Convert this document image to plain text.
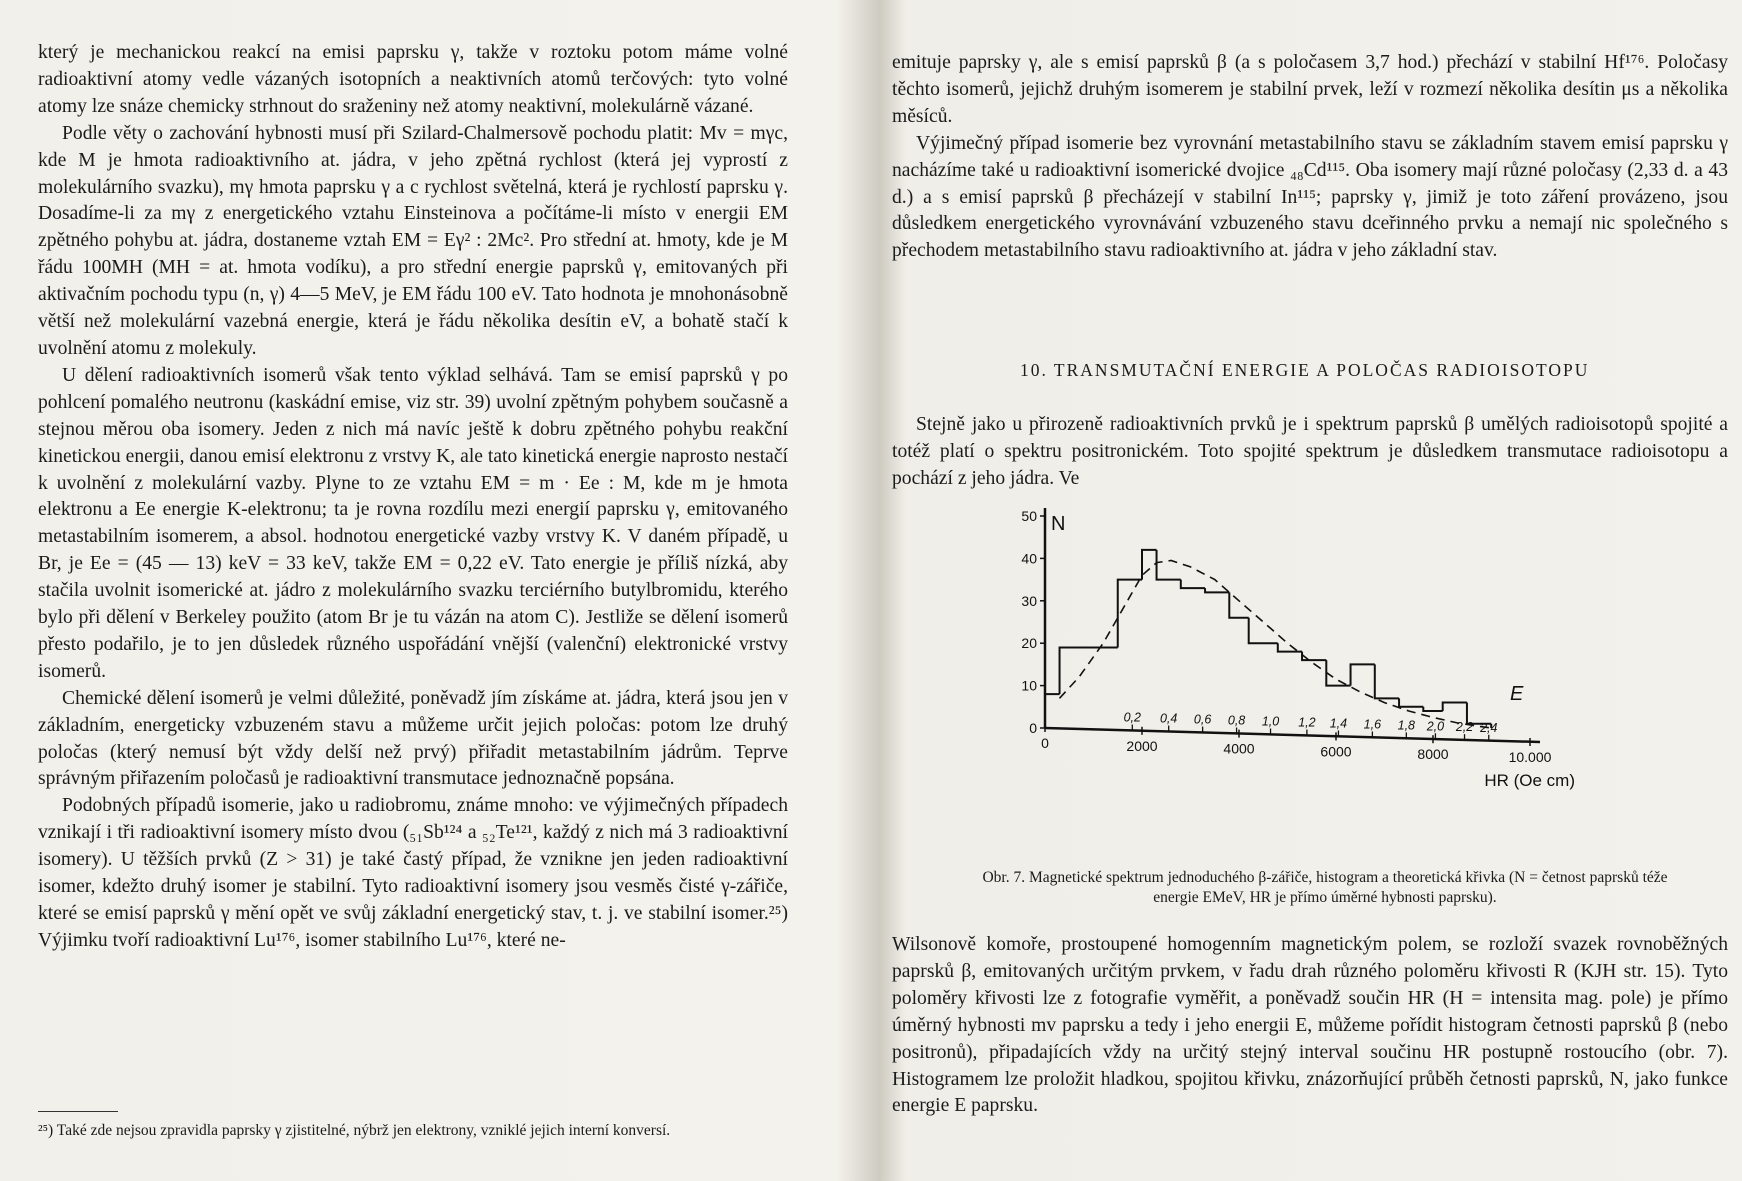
který je mechanickou reakcí na emisi paprsku γ, takže v roztoku potom máme volné radioaktivní atomy vedle vázaných isotopních a neaktivních atomů terčových: tyto volné atomy lze snáze chemicky strhnout do sraženiny než atomy neaktivní, molekulárně vázané.

Podle věty o zachování hybnosti musí při Szilard-Chalmersově pochodu platit: Mv = mγc, kde M je hmota radioaktivního at. jádra, v jeho zpětná rychlost (která jej vyprostí z molekulárního svazku), mγ hmota paprsku γ a c rychlost světelná, která je rychlostí paprsku γ. Dosadíme-li za mγ z energetického vztahu Einsteinova a počítáme-li místo v energii EM zpětného pohybu at. jádra, dostaneme vztah EM = Eγ² : 2Mc². Pro střední at. hmoty, kde je M řádu 100MH (MH = at. hmota vodíku), a pro střední energie paprsků γ, emitovaných při aktivačním pochodu typu (n, γ) 4—5 MeV, je EM řádu 100 eV. Tato hodnota je mnohonásobně větší než molekulární vazebná energie, která je řádu několika desítin eV, a bohatě stačí k uvolnění atomu z molekuly.

U dělení radioaktivních isomerů však tento výklad selhává. Tam se emisí paprsků γ po pohlcení pomalého neutronu (kaskádní emise, viz str. 39) uvolní zpětným pohybem současně a stejnou měrou oba isomery. Jeden z nich má navíc ještě k dobru zpětného pohybu reakční kinetickou energii, danou emisí elektronu z vrstvy K, ale tato kinetická energie naprosto nestačí k uvolnění z molekulární vazby. Plyne to ze vztahu EM = m · Ee : M, kde m je hmota elektronu a Ee energie K-elektronu; ta je rovna rozdílu mezi energií paprsku γ, emitovaného metastabilním isomerem, a absol. hodnotou energetické vazby vrstvy K. V daném případě, u Br, je Ee = (45 — 13) keV = 33 keV, takže EM = 0,22 eV. Tato energie je příliš nízká, aby stačila uvolnit isomerické at. jádro z molekulárního svazku terciérního butylbromidu, kterého bylo při dělení v Berkeley použito (atom Br je tu vázán na atom C). Jestliže se dělení isomerů přesto podařilo, je to jen důsledek různého uspořádání vnější (valenční) elektronické vrstvy isomerů.

Chemické dělení isomerů je velmi důležité, poněvadž jím získáme at. jádra, která jsou jen v základním, energeticky vzbuzeném stavu a můžeme určit jejich poločas: potom lze druhý poločas (který nemusí být vždy delší než prvý) přiřadit metastabilním jádrům. Teprve správným přiřazením poločasů je radioaktivní transmutace jednoznačně popsána.

Podobných případů isomerie, jako u radiobromu, známe mnoho: ve výjimečných případech vznikají i tři radioaktivní isomery místo dvou (₅₁Sb¹²⁴ a ₅₂Te¹²¹, každý z nich má 3 radioaktivní isomery). U těžších prvků (Z > 31) je také častý případ, že vznikne jen jeden radioaktivní isomer, kdežto druhý isomer je stabilní. Tyto radioaktivní isomery jsou vesměs čisté γ-zářiče, které se emisí paprsků γ mění opět ve svůj základní energetický stav, t. j. ve stabilní isomer.²⁵) Výjimku tvoří radioaktivní Lu¹⁷⁶, isomer stabilního Lu¹⁷⁶, které ne-

²⁵) Také zde nejsou zpravidla paprsky γ zjistitelné, nýbrž jen elektrony, vzniklé jejich interní konversí.

emituje paprsky γ, ale s emisí paprsků β (a s poločasem 3,7 hod.) přechází v stabilní Hf¹⁷⁶. Poločasy těchto isomerů, jejichž druhým isomerem je stabilní prvek, leží v rozmezí několika desítin μs a několika měsíců.

Výjimečný případ isomerie bez vyrovnání metastabilního stavu se základním stavem emisí paprsku γ nacházíme také u radioaktivní isomerické dvojice ₄₈Cd¹¹⁵. Oba isomery mají různé poločasy (2,33 d. a 43 d.) a s emisí paprsků β přecházejí v stabilní In¹¹⁵; paprsky γ, jimiž je toto záření provázeno, jsou důsledkem energetického vyrovnávání vzbuzeného stavu dceřinného prvku a nemají nic společného s přechodem metastabilního stavu radioaktivního at. jádra v jeho základní stav.

10. TRANSMUTAČNÍ ENERGIE A POLOČAS RADIOISOTOPU

Stejně jako u přirozeně radioaktivních prvků je i spektrum paprsků β umělých radioisotopů spojité a totéž platí o spektru positronickém. Toto spojité spektrum je důsledkem transmutace radioisotopu a pochází z jeho jádra. Ve

0
10
20
30
40
50
0	2000	4000	6000	8000	10.000
0,2 0,4 0,6 0,8 1,0 1,2 1,4 1,6 1,8 2,0 2,2 2,4
N
E
HR (Oe cm)
Obr. 7. Magnetické spektrum jednoduchého β-zářiče, histogram a theoretická křivka (N = četnost paprsků téže energie EMeV, HR je přímo úměrné hybnosti paprsku).

Wilsonově komoře, prostoupené homogenním magnetickým polem, se rozloží svazek rovnoběžných paprsků β, emitovaných určitým prvkem, v řadu drah různého poloměru křivosti R (KJH str. 15). Tyto poloměry křivosti lze z fotografie vyměřit, a poněvadž součin HR (H = intensita mag. pole) je přímo úměrný hybnosti mv paprsku a tedy i jeho energii E, můžeme pořídit histogram četnosti paprsků β (nebo positronů), připadajících vždy na určitý stejný interval součinu HR postupně rostoucího (obr. 7). Histogramem lze proložit hladkou, spojitou křivku, znázorňující průběh četnosti paprsků, N, jako funkce energie E paprsku.
